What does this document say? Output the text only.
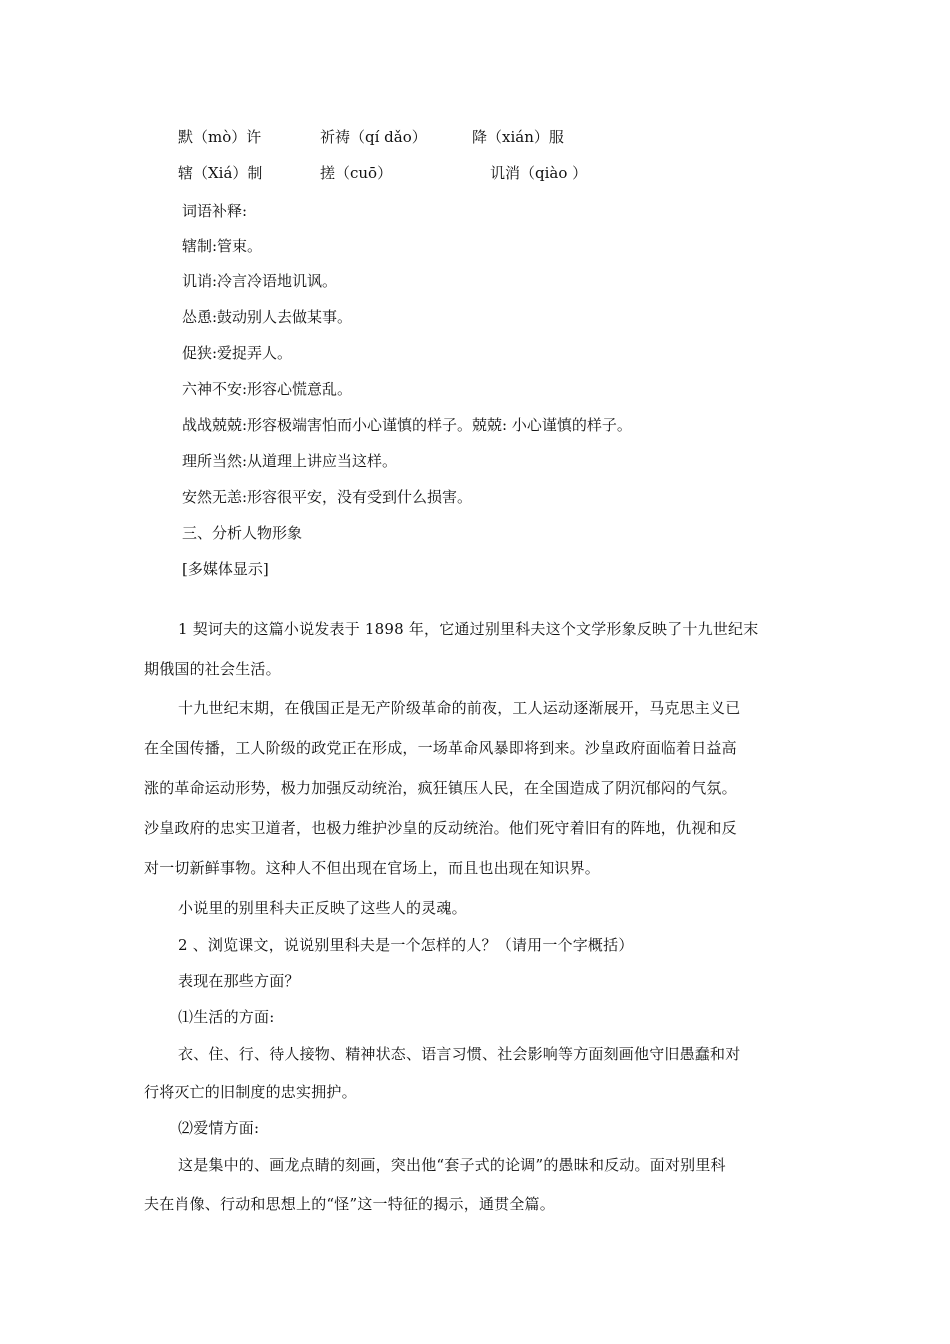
默（mò）许	祈祷（qí dǎo）	降（xián）服
辖（Xiá）制	搓（cuō）	讥消（qiào ）
词语补释:
辖制:管束。
讥诮:冷言冷语地讥讽。
怂恿:鼓动别人去做某事。
促狭:爱捉弄人。
六神不安:形容心慌意乱。
战战兢兢:形容极端害怕而小心谨慎的样子。兢兢: 小心谨慎的样子。
理所当然:从道理上讲应当这样。
安然无恙:形容很平安，没有受到什么损害。
三、分析人物形象
[多媒体显示]
1 契诃夫的这篇小说发表于 1898 年，它通过别里科夫这个文学形象反映了十九世纪末
期俄国的社会生活。
十九世纪末期，在俄国正是无产阶级革命的前夜，工人运动逐渐展开，马克思主义已
在全国传播，工人阶级的政党正在形成，一场革命风暴即将到来。沙皇政府面临着日益高
涨的革命运动形势，极力加强反动统治，疯狂镇压人民，在全国造成了阴沉郁闷的气氛。
沙皇政府的忠实卫道者，也极力维护沙皇的反动统治。他们死守着旧有的阵地，仇视和反
对一切新鲜事物。这种人不但出现在官场上，而且也出现在知识界。
小说里的别里科夫正反映了这些人的灵魂。
2 、浏览课文，说说别里科夫是一个怎样的人？（请用一个字概括）
表现在那些方面？
⑴生活的方面:
衣、住、行、待人接物、精神状态、语言习惯、社会影响等方面刻画他守旧愚蠢和对
行将灭亡的旧制度的忠实拥护。
⑵爱情方面:
这是集中的、画龙点睛的刻画，突出他“套子式的论调”的愚昧和反动。面对别里科
夫在肖像、行动和思想上的“怪”这一特征的揭示，通贯全篇。
